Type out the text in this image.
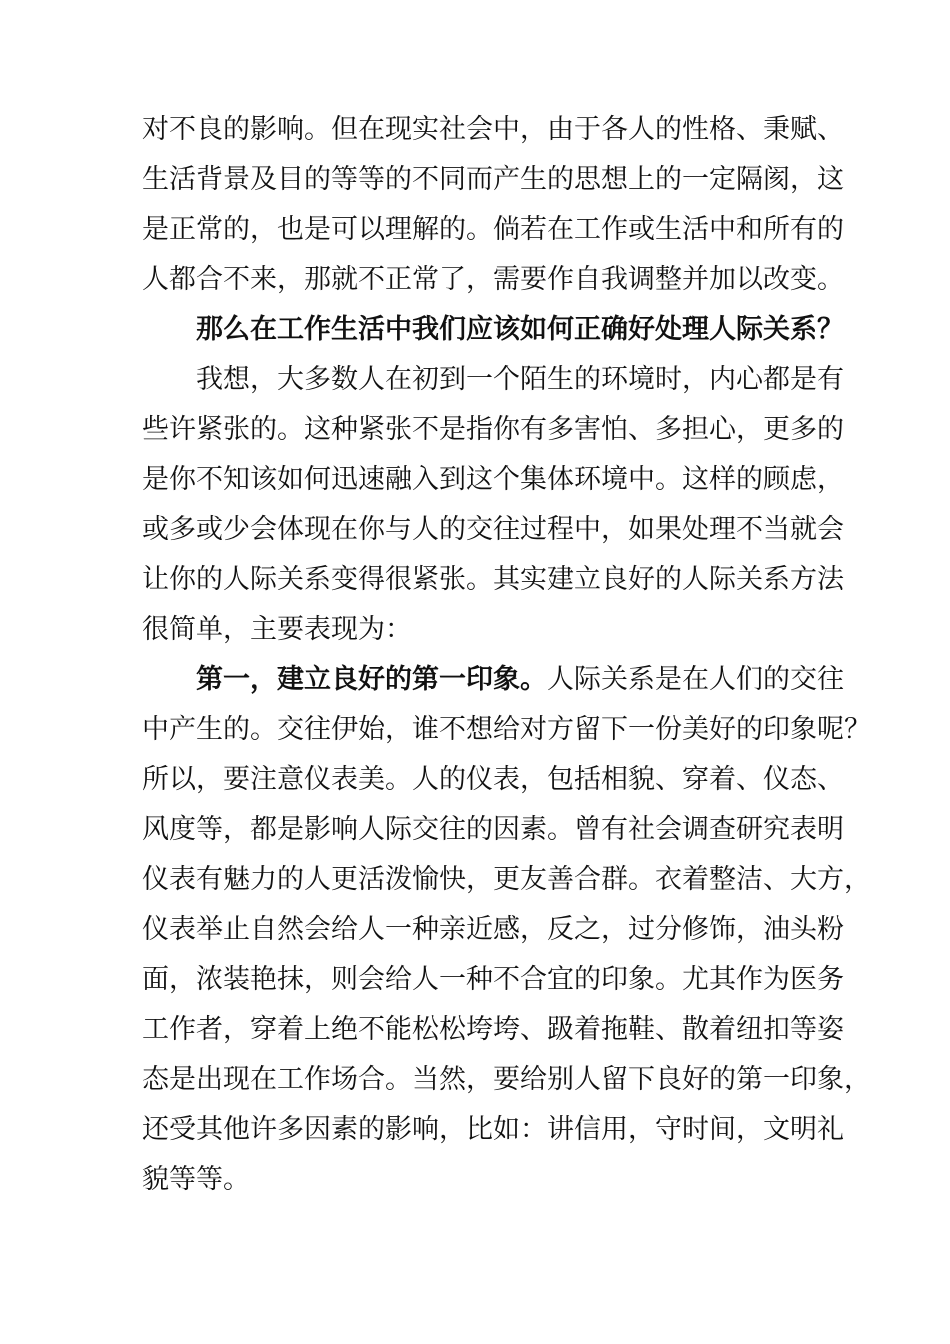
对不良的影响。但在现实社会中，由于各人的性格、秉赋、
生活背景及目的等等的不同而产生的思想上的一定隔阂，这
是正常的，也是可以理解的。倘若在工作或生活中和所有的
人都合不来，那就不正常了，需要作自我调整并加以改变。
那么在工作生活中我们应该如何正确好处理人际关系？
我想，大多数人在初到一个陌生的环境时，内心都是有
些许紧张的。这种紧张不是指你有多害怕、多担心，更多的
是你不知该如何迅速融入到这个集体环境中。这样的顾虑，
或多或少会体现在你与人的交往过程中，如果处理不当就会
让你的人际关系变得很紧张。其实建立良好的人际关系方法
很简单，主要表现为：
第一，建立良好的第一印象。人际关系是在人们的交往
中产生的。交往伊始，谁不想给对方留下一份美好的印象呢？
所以，要注意仪表美。人的仪表，包括相貌、穿着、仪态、
风度等，都是影响人际交往的因素。曾有社会调查研究表明
仪表有魅力的人更活泼愉快，更友善合群。衣着整洁、大方，
仪表举止自然会给人一种亲近感，反之，过分修饰，油头粉
面，浓装艳抹，则会给人一种不合宜的印象。尤其作为医务
工作者，穿着上绝不能松松垮垮、趿着拖鞋、散着纽扣等姿
态是出现在工作场合。当然，要给别人留下良好的第一印象，
还受其他许多因素的影响，比如：讲信用，守时间，文明礼
貌等等。
